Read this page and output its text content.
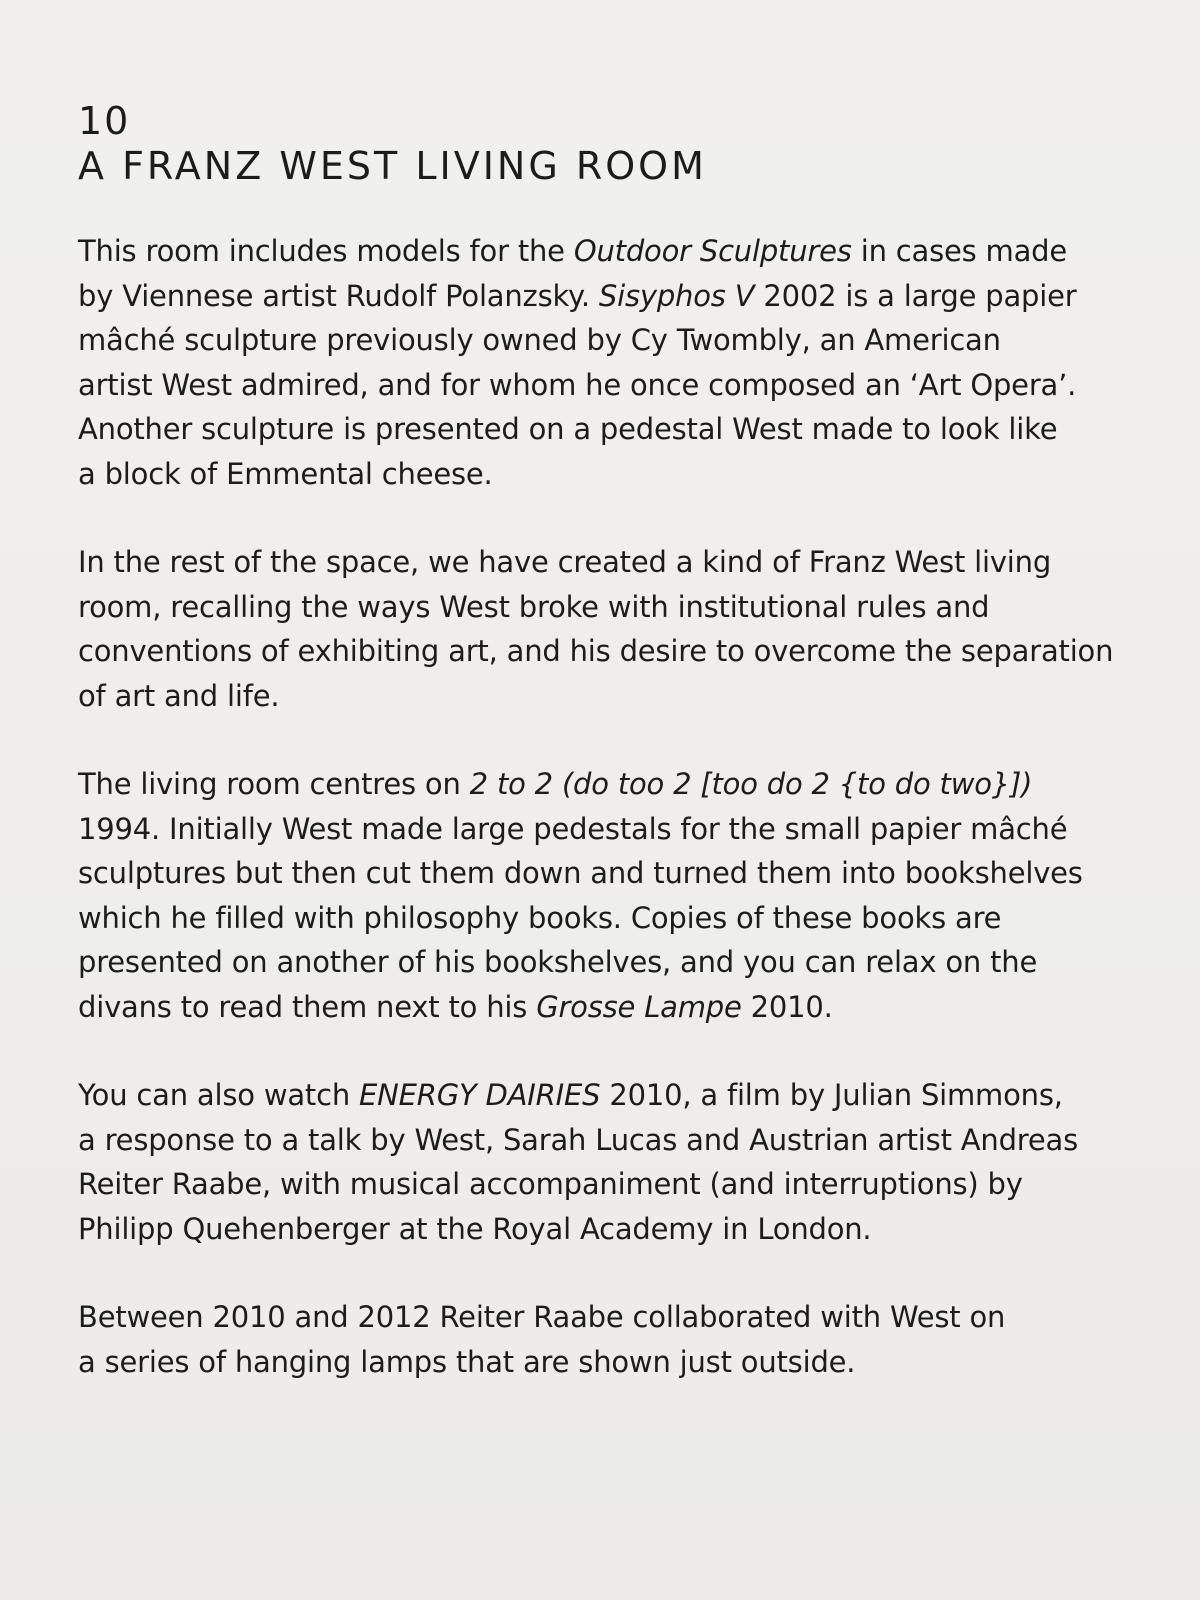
10

A FRANZ WEST LIVING ROOM

This room includes models for the Outdoor Sculptures in cases made
by Viennese artist Rudolf Polanzsky. Sisyphos V 2002 is a large papier
mâché sculpture previously owned by Cy Twombly, an American
artist West admired, and for whom he once composed an ‘Art Opera’.
Another sculpture is presented on a pedestal West made to look like
a block of Emmental cheese.

In the rest of the space, we have created a kind of Franz West living
room, recalling the ways West broke with institutional rules and
conventions of exhibiting art, and his desire to overcome the separation
of art and life.

The living room centres on 2 to 2 (do too 2 [too do 2 {to do two}])
1994. Initially West made large pedestals for the small papier mâché
sculptures but then cut them down and turned them into bookshelves
which he filled with philosophy books. Copies of these books are
presented on another of his bookshelves, and you can relax on the
divans to read them next to his Grosse Lampe 2010.

You can also watch ENERGY DAIRIES 2010, a film by Julian Simmons,
a response to a talk by West, Sarah Lucas and Austrian artist Andreas
Reiter Raabe, with musical accompaniment (and interruptions) by
Philipp Quehenberger at the Royal Academy in London.

Between 2010 and 2012 Reiter Raabe collaborated with West on
a series of hanging lamps that are shown just outside.
